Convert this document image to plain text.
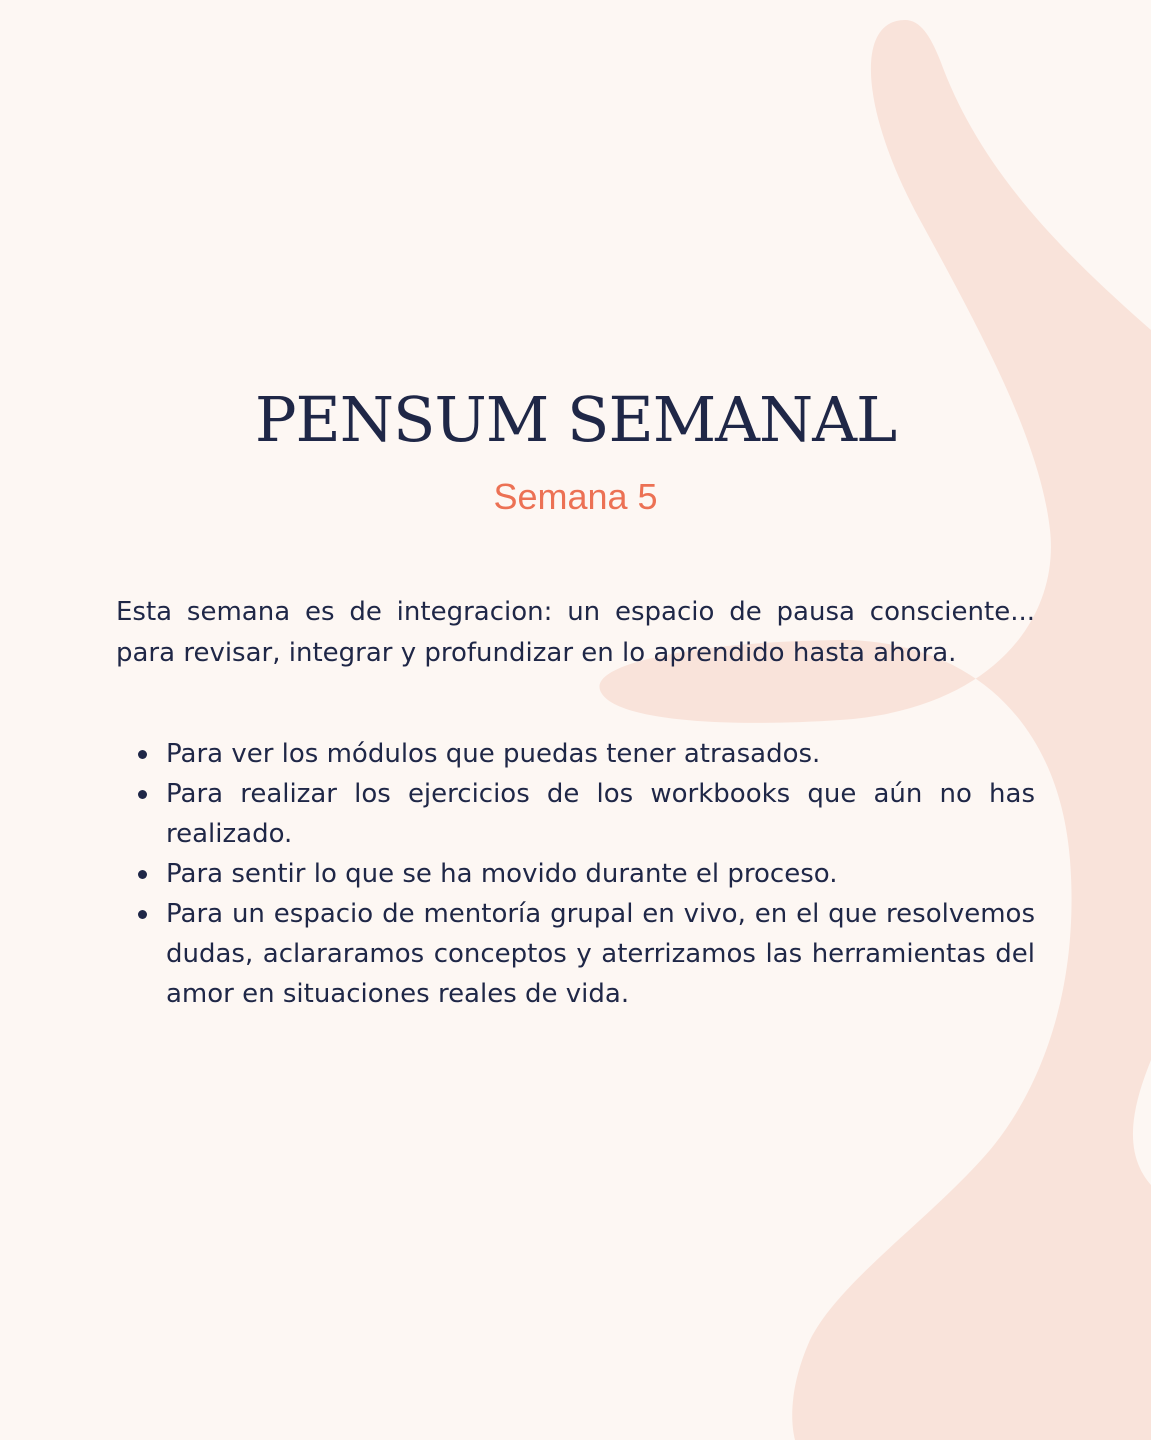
PENSUM SEMANAL
Semana 5

Esta semana es de integracion: un espacio de pausa consciente... para revisar, integrar y profundizar en lo aprendido hasta ahora.

Para ver los módulos que puedas tener atrasados.
Para realizar los ejercicios de los workbooks que aún no has realizado.
Para sentir lo que se ha movido durante el proceso.
Para un espacio de mentoría grupal en vivo, en el que resolvemos dudas, aclararamos conceptos y aterrizamos las herramientas del amor en situaciones reales de vida.
